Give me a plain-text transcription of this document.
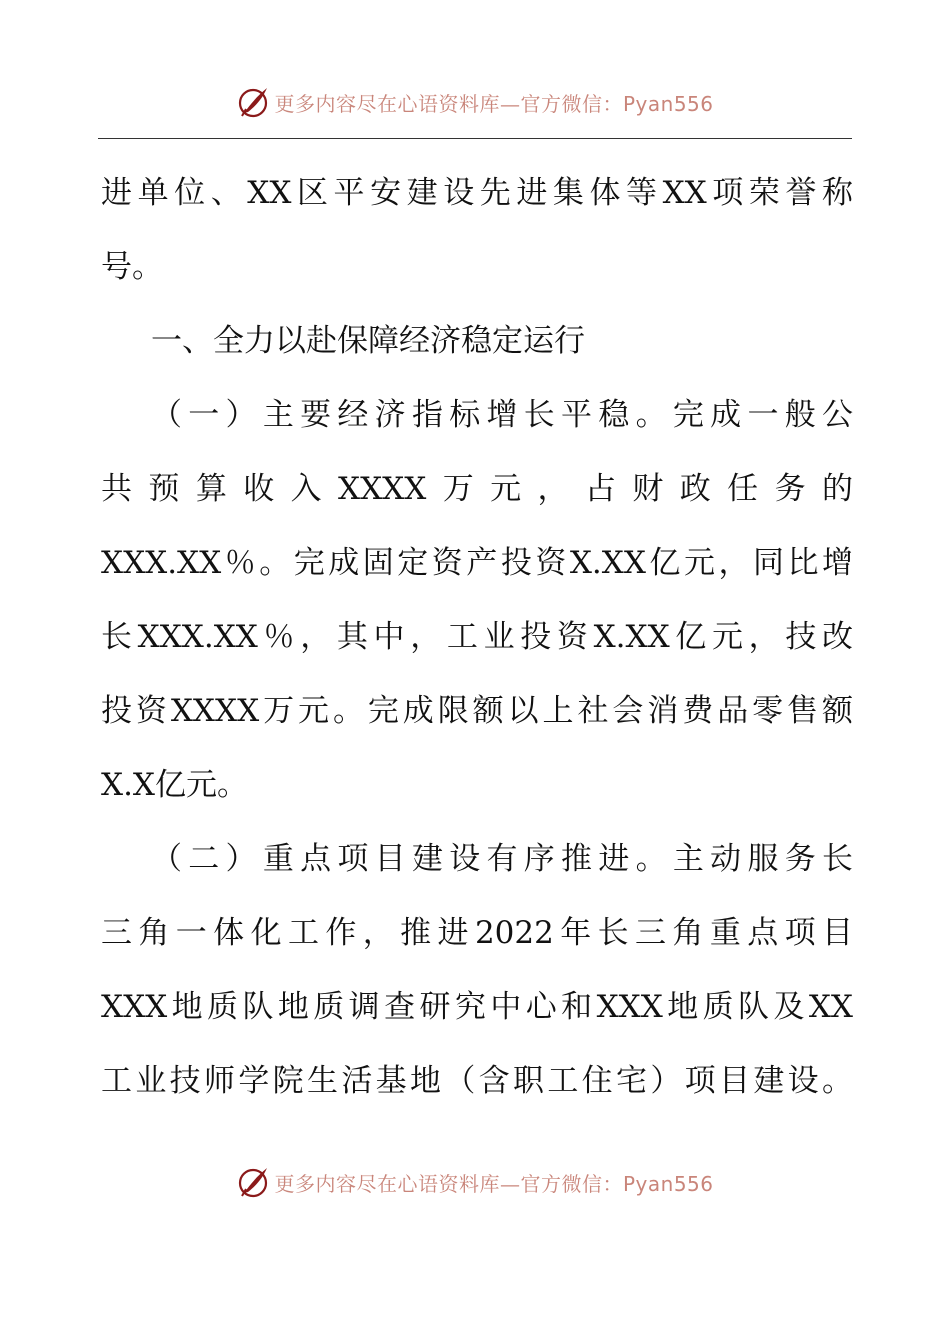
更多内容尽在心语资料库—官方微信：Pyan556
进单位、XX区平安建设先进集体等XX项荣誉称
号。
一、全力以赴保障经济稳定运行
（一）主要经济指标增长平稳。完成一般公
共预算收入XXXX万元，占财政任务的
XXX.XX％。完成固定资产投资X.XX亿元，同比增
长XXX.XX％，其中，工业投资X.XX亿元，技改
投资XXXX万元。完成限额以上社会消费品零售额
X.X亿元。
（二）重点项目建设有序推进。主动服务长
三角一体化工作，推进2022年长三角重点项目
XXX地质队地质调查研究中心和XXX地质队及XX
工业技师学院生活基地（含职工住宅）项目建设。
更多内容尽在心语资料库—官方微信：Pyan556
